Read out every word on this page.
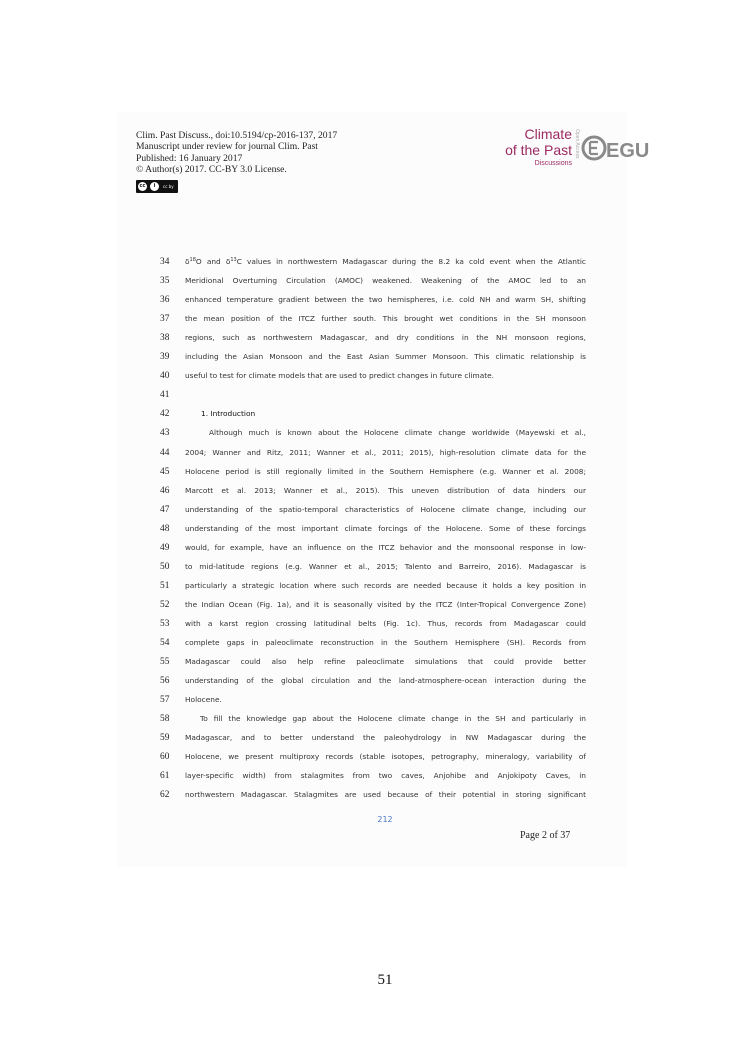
Clim. Past Discuss., doi:10.5194/cp-2016-137, 2017
Manuscript under review for journal Clim. Past
Published: 16 January 2017
© Author(s) 2017. CC-BY 3.0 License.
cc	i	cc by
Climate
of the Past
Discussions
Open Access EGU
34	$\delta^{18}O$ and $\delta^{13}C$ values in northwestern Madagascar during the 8.2 ka cold event when the Atlantic
35	Meridional Overturning Circulation (AMOC) weakened. Weakening of the AMOC led to an
36	enhanced temperature gradient between the two hemispheres, i.e. cold NH and warm SH, shifting
37	the mean position of the ITCZ further south. This brought wet conditions in the SH monsoon
38	regions, such as northwestern Madagascar, and dry conditions in the NH monsoon regions,
39	including the Asian Monsoon and the East Asian Summer Monsoon. This climatic relationship is
40	useful to test for climate models that are used to predict changes in future climate.
41
42	1. Introduction
43	Although much is known about the Holocene climate change worldwide (Mayewski et al.,
44	2004; Wanner and Ritz, 2011; Wanner et al., 2011; 2015), high-resolution climate data for the
45	Holocene period is still regionally limited in the Southern Hemisphere (e.g. Wanner et al. 2008;
46	Marcott et al. 2013; Wanner et al., 2015). This uneven distribution of data hinders our
47	understanding of the spatio-temporal characteristics of Holocene climate change, including our
48	understanding of the most important climate forcings of the Holocene. Some of these forcings
49	would, for example, have an influence on the ITCZ behavior and the monsoonal response in low-
50	to mid-latitude regions (e.g. Wanner et al., 2015; Talento and Barreiro, 2016). Madagascar is
51	particularly a strategic location where such records are needed because it holds a key position in
52	the Indian Ocean (Fig. 1a), and it is seasonally visited by the ITCZ (Inter-Tropical Convergence Zone)
53	with a karst region crossing latitudinal belts (Fig. 1c). Thus, records from Madagascar could
54	complete gaps in paleoclimate reconstruction in the Southern Hemisphere (SH). Records from
55	Madagascar could also help refine paleoclimate simulations that could provide better
56	understanding of the global circulation and the land-atmosphere-ocean interaction during the
57	Holocene.
58	To fill the knowledge gap about the Holocene climate change in the SH and particularly in
59	Madagascar, and to better understand the paleohydrology in NW Madagascar during the
60	Holocene, we present multiproxy records (stable isotopes, petrography, mineralogy, variability of
61	layer-specific width) from stalagmites from two caves, Anjohibe and Anjokipoty Caves, in
62	northwestern Madagascar. Stalagmites are used because of their potential in storing significant
212
Page 2 of 37
51
